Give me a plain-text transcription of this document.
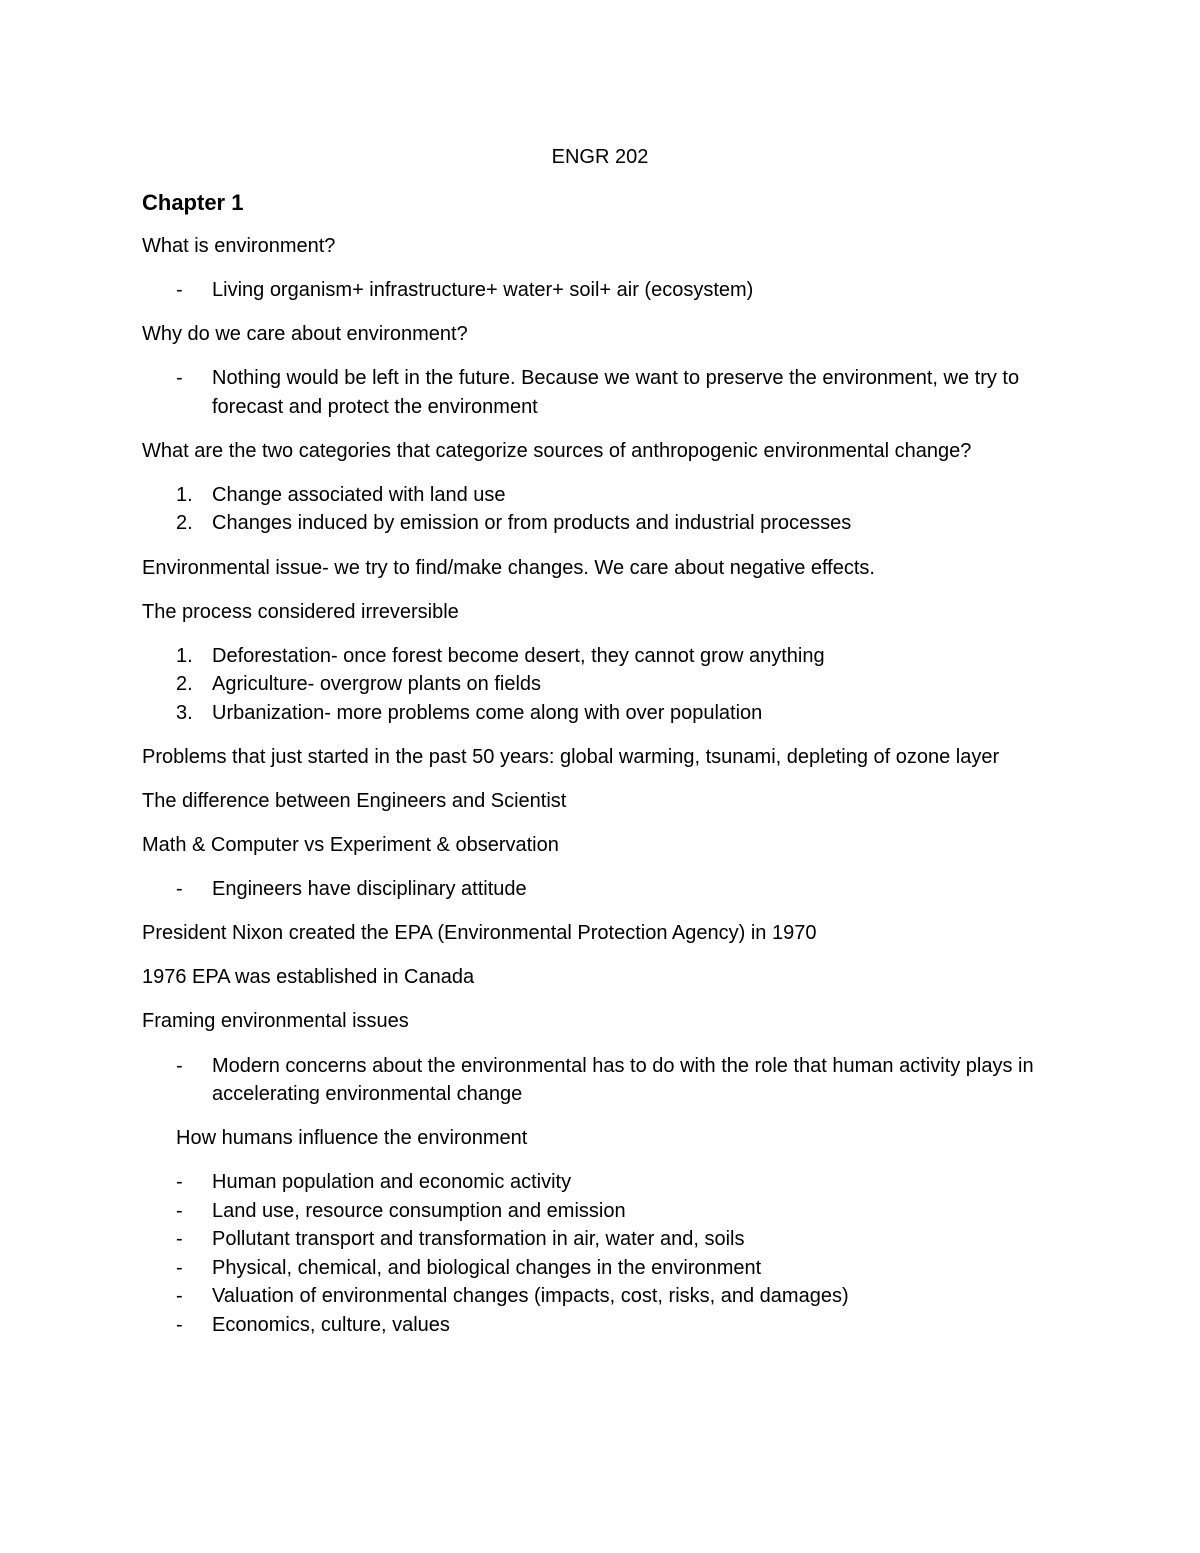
ENGR 202
Chapter 1
What is environment?
- Living organism+ infrastructure+ water+ soil+ air (ecosystem)
Why do we care about environment?
- Nothing would be left in the future. Because we want to preserve the environment, we try to forecast and protect the environment
What are the two categories that categorize sources of anthropogenic environmental change?
1. Change associated with land use
2. Changes induced by emission or from products and industrial processes
Environmental issue- we try to find/make changes. We care about negative effects.
The process considered irreversible
1. Deforestation- once forest become desert, they cannot grow anything
2. Agriculture- overgrow plants on fields
3. Urbanization- more problems come along with over population
Problems that just started in the past 50 years: global warming, tsunami, depleting of ozone layer
The difference between Engineers and Scientist
Math & Computer vs Experiment & observation
- Engineers have disciplinary attitude
President Nixon created the EPA (Environmental Protection Agency) in 1970
1976 EPA was established in Canada
Framing environmental issues
- Modern concerns about the environmental has to do with the role that human activity plays in accelerating environmental change
How humans influence the environment
- Human population and economic activity
- Land use, resource consumption and emission
- Pollutant transport and transformation in air, water and, soils
- Physical, chemical, and biological changes in the environment
- Valuation of environmental changes (impacts, cost, risks, and damages)
- Economics, culture, values
